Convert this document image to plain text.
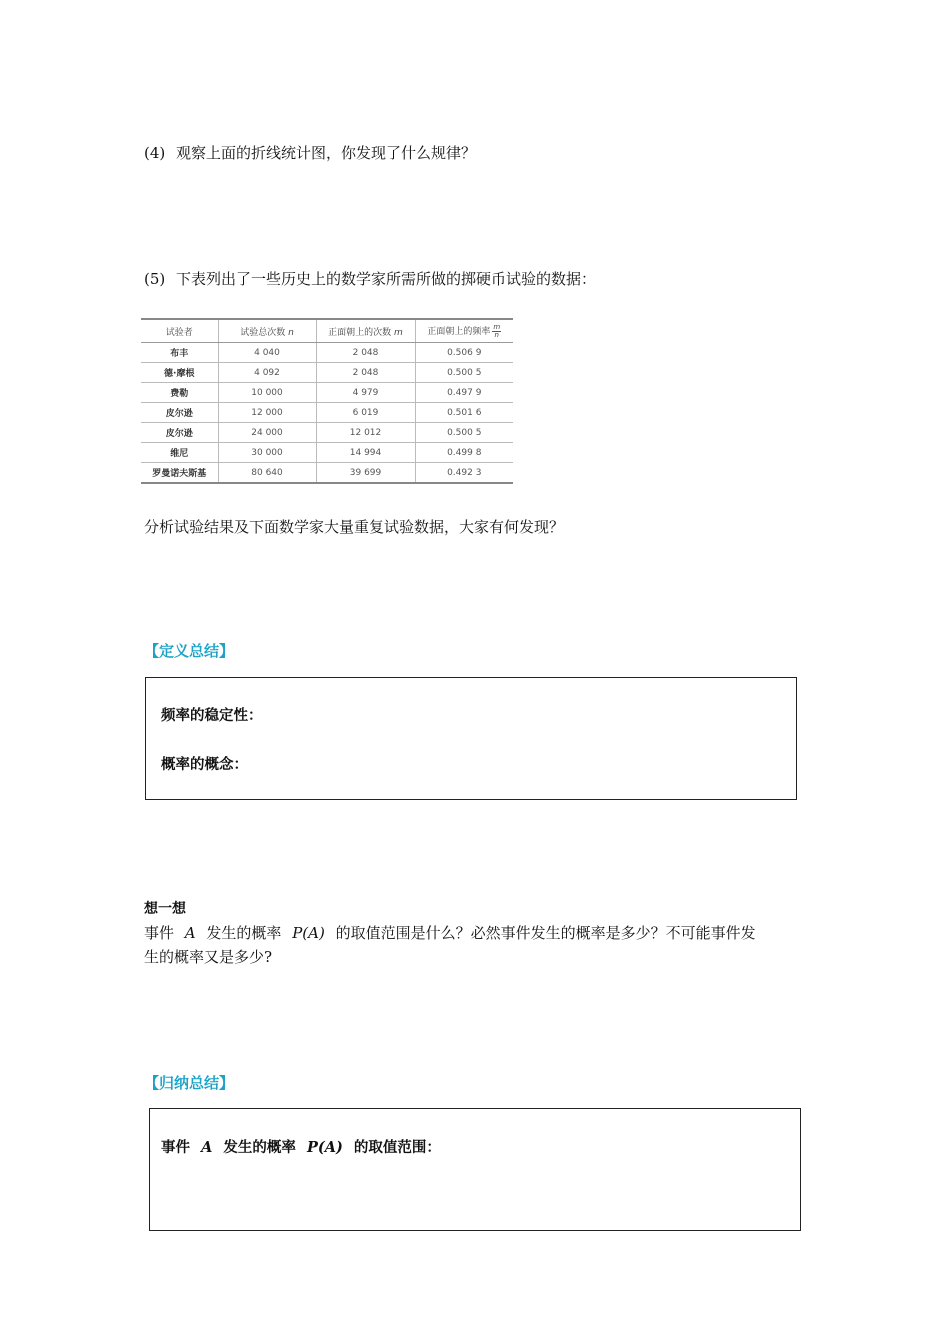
(4) 观察上面的折线统计图，你发现了什么规律？
(5) 下表列出了一些历史上的数学家所需所做的掷硬币试验的数据：
试验者	试验总次数 n	正面朝上的次数 m	正面朝上的频率 $\frac{m}{n}$

布丰	4 040	2 048	0.506 9
德·摩根	4 092	2 048	0.500 5
费勒	10 000	4 979	0.497 9
皮尔逊	12 000	6 019	0.501 6
皮尔逊	24 000	12 012	0.500 5
维尼	30 000	14 994	0.499 8
罗曼诺夫斯基	80 640	39 699	0.492 3
分析试验结果及下面数学家大量重复试验数据，大家有何发现？
【定义总结】
频率的稳定性：
概率的概念：
想一想
事件 A 发生的概率 P(A) 的取值范围是什么？必然事件发生的概率是多少？不可能事件发
生的概率又是多少?
【归纳总结】
事件 A 发生的概率 P(A) 的取值范围：
